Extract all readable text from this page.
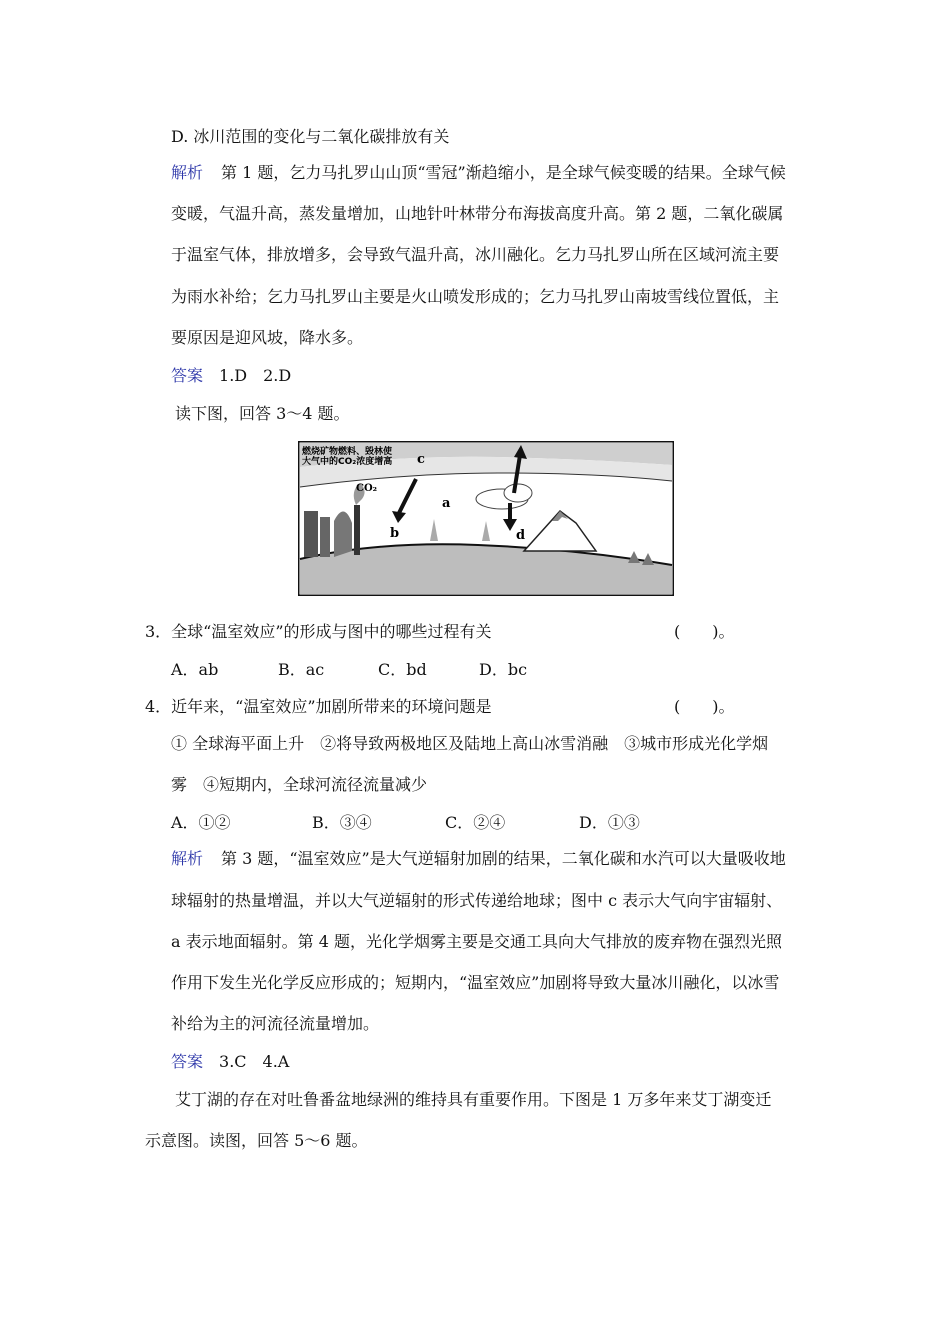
D. 冰川范围的变化与二氧化碳排放有关
解析 第 1 题，乞力马扎罗山山顶“雪冠”渐趋缩小，是全球气候变暖的结果。全球气候
变暖，气温升高，蒸发量增加，山地针叶林带分布海拔高度升高。第 2 题，二氧化碳属
于温室气体，排放增多，会导致气温升高，冰川融化。乞力马扎罗山所在区域河流主要
为雨水补给；乞力马扎罗山主要是火山喷发形成的；乞力马扎罗山南坡雪线位置低，主
要原因是迎风坡，降水多。
答案 1.D　2.D
读下图，回答 3～4 题。
燃烧矿物燃料、毁林使
大气中的CO₂浓度增高 c
CO₂
a
b	d
3．全球“温室效应”的形成与图中的哪些过程有关	(　　)。
A．ab	B．ac	C．bd	D．bc
4．近年来，“温室效应”加剧所带来的环境问题是	(　　)。
① 全球海平面上升　②将导致两极地区及陆地上高山冰雪消融　③城市形成光化学烟
雾　④短期内，全球河流径流量减少
A．①②	B．③④	C．②④	D．①③
解析 第 3 题，“温室效应”是大气逆辐射加剧的结果，二氧化碳和水汽可以大量吸收地
球辐射的热量增温，并以大气逆辐射的形式传递给地球；图中 c 表示大气向宇宙辐射、
a 表示地面辐射。第 4 题，光化学烟雾主要是交通工具向大气排放的废弃物在强烈光照
作用下发生光化学反应形成的；短期内，“温室效应”加剧将导致大量冰川融化，以冰雪
补给为主的河流径流量增加。
答案 3.C　4.A
艾丁湖的存在对吐鲁番盆地绿洲的维持具有重要作用。下图是 1 万多年来艾丁湖变迁
示意图。读图，回答 5～6 题。
